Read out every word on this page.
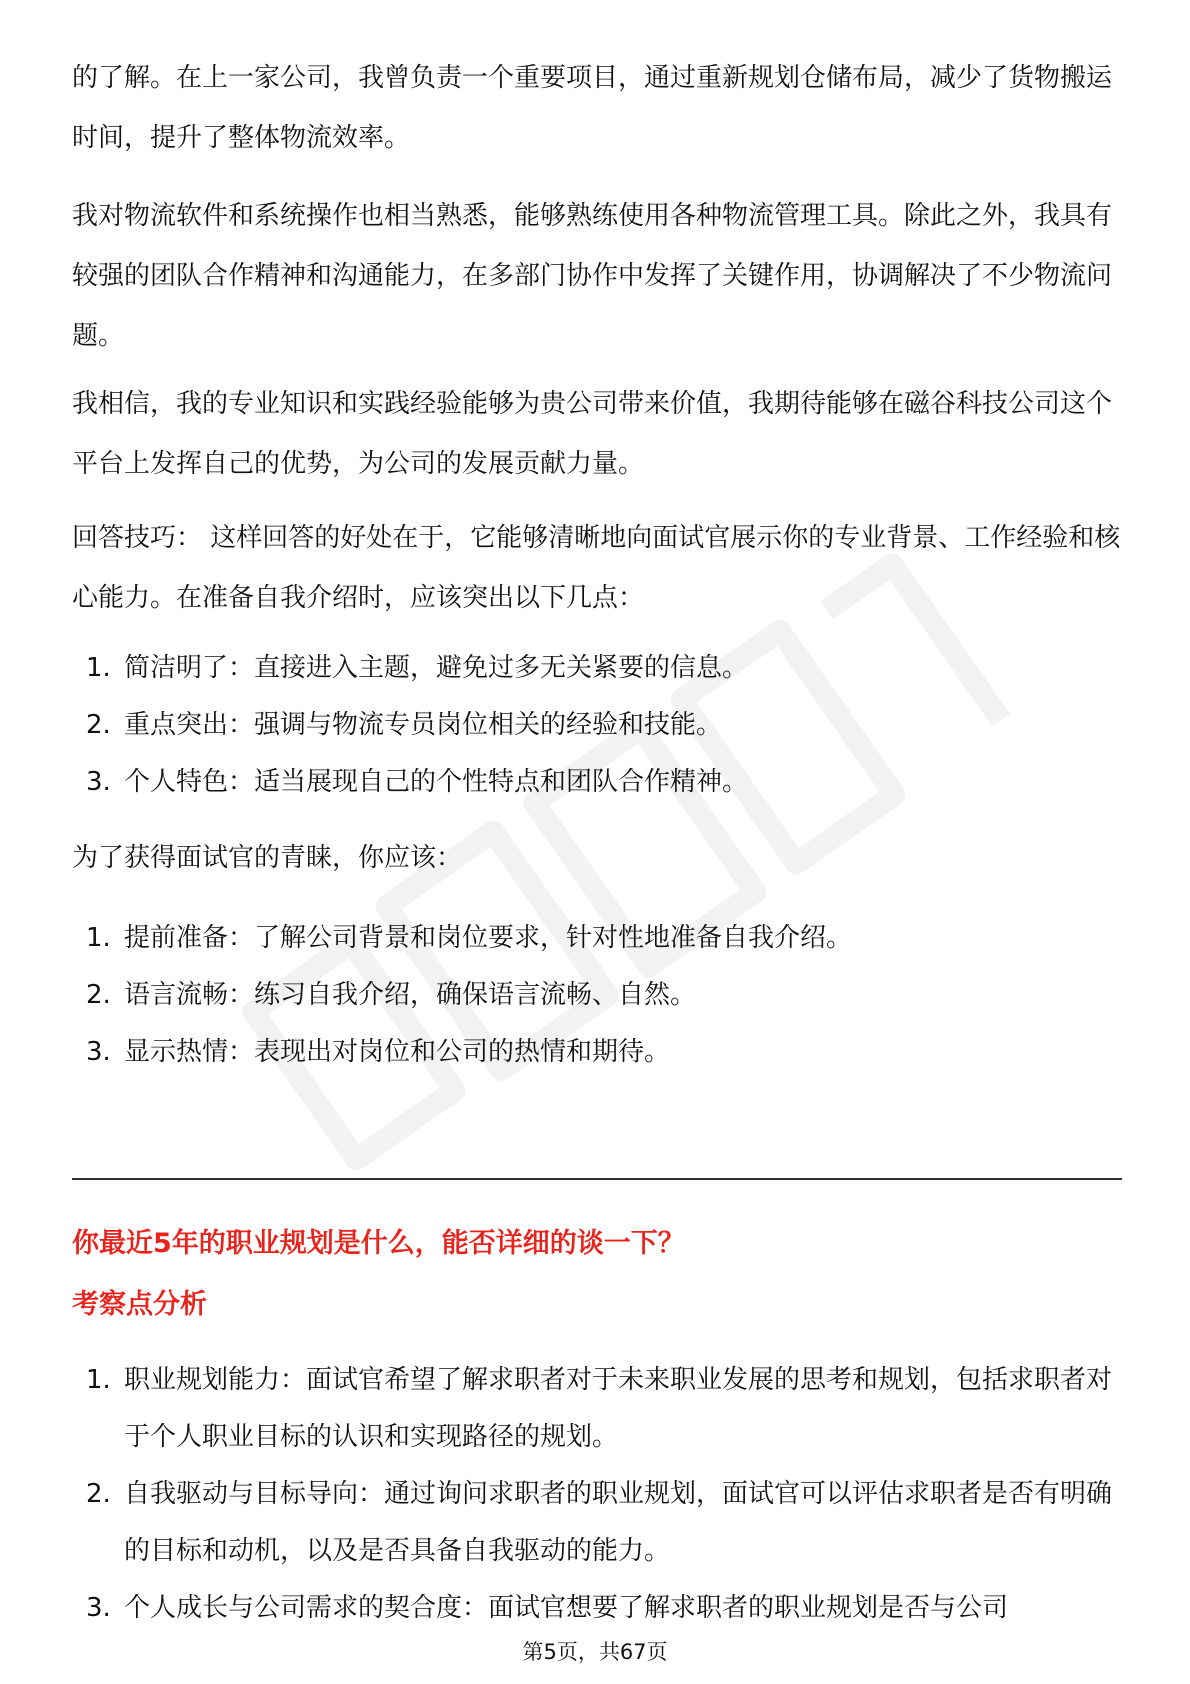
的了解。在上一家公司，我曾负责一个重要项目，通过重新规划仓储布局，减少了货物搬运时间，提升了整体物流效率。

我对物流软件和系统操作也相当熟悉，能够熟练使用各种物流管理工具。除此之外，我具有较强的团队合作精神和沟通能力，在多部门协作中发挥了关键作用，协调解决了不少物流问题。

我相信，我的专业知识和实践经验能够为贵公司带来价值，我期待能够在磁谷科技公司这个平台上发挥自己的优势，为公司的发展贡献力量。

回答技巧： 这样回答的好处在于，它能够清晰地向面试官展示你的专业背景、工作经验和核心能力。在准备自我介绍时，应该突出以下几点：

1. 简洁明了：直接进入主题，避免过多无关紧要的信息。
2. 重点突出：强调与物流专员岗位相关的经验和技能。
3. 个人特色：适当展现自己的个性特点和团队合作精神。

为了获得面试官的青睐，你应该：

1. 提前准备：了解公司背景和岗位要求，针对性地准备自我介绍。
2. 语言流畅：练习自我介绍，确保语言流畅、自然。
3. 显示热情：表现出对岗位和公司的热情和期待。
你最近5年的职业规划是什么，能否详细的谈一下？
考察点分析
1. 职业规划能力：面试官希望了解求职者对于未来职业发展的思考和规划，包括求职者对于个人职业目标的认识和实现路径的规划。
2. 自我驱动与目标导向：通过询问求职者的职业规划，面试官可以评估求职者是否有明确的目标和动机，以及是否具备自我驱动的能力。
3. 个人成长与公司需求的契合度：面试官想要了解求职者的职业规划是否与公司
第5页，共67页
